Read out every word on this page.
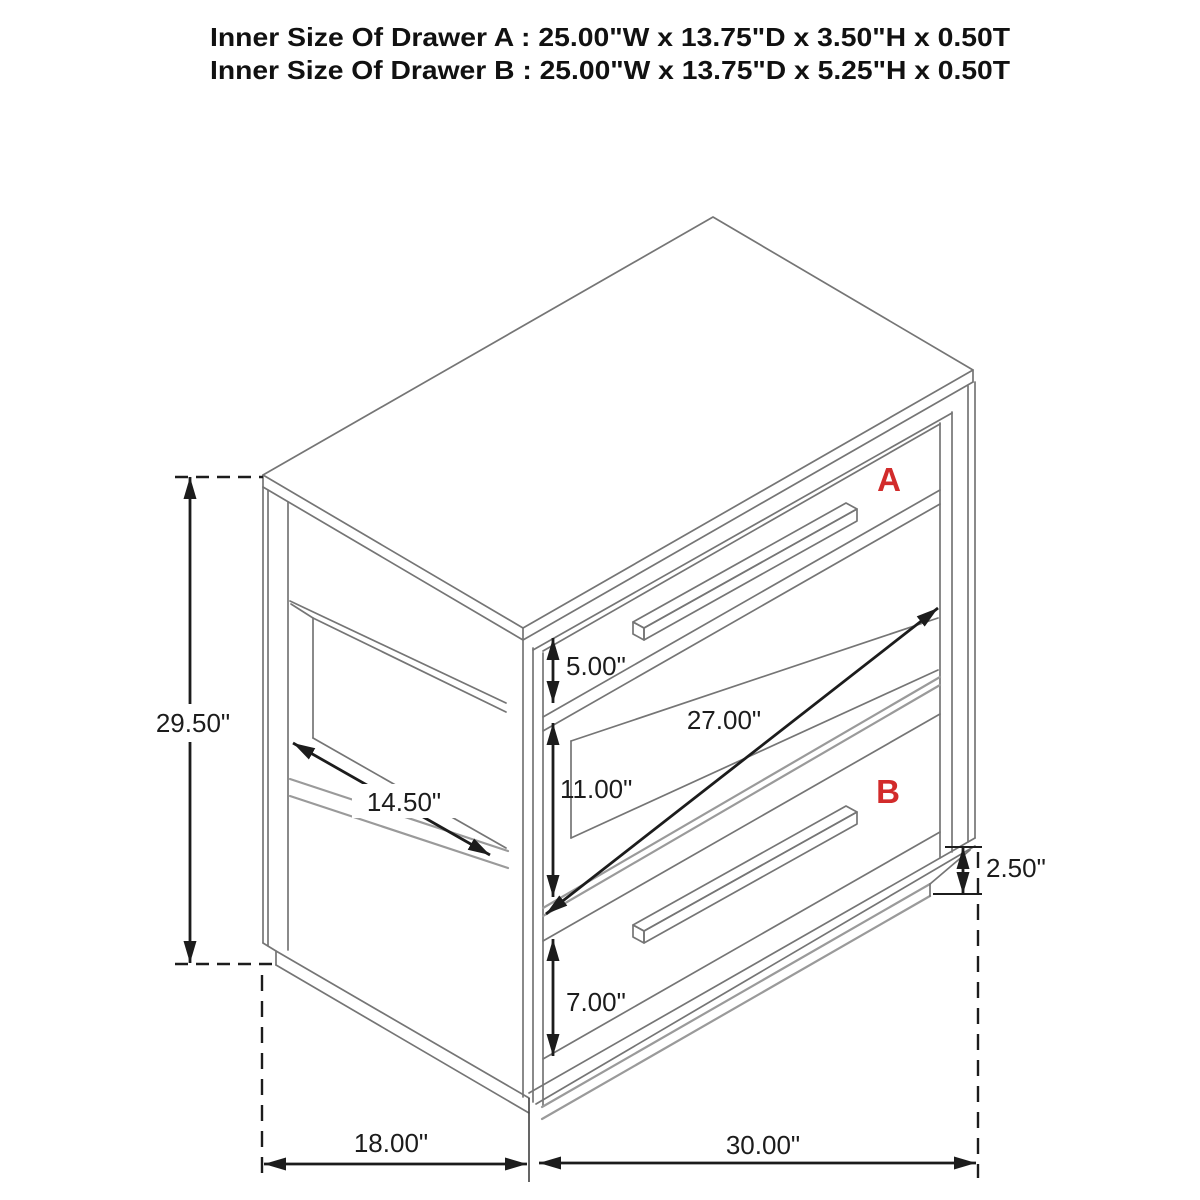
Inner Size Of Drawer A : 25.00"W x 13.75"D x 3.50"H x 0.50T
Inner Size Of Drawer B : 25.00"W x 13.75"D x 5.25"H x 0.50T
29.50"
5.00"
11.00"
7.00"
14.50"
27.00"
2.50"
18.00"	30.00"
A
B
